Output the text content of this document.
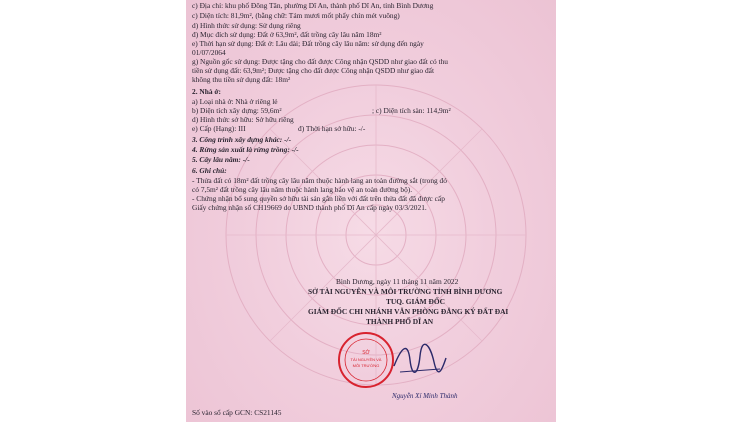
c) Địa chỉ: khu phố Đông Tân, phường Dĩ An, thành phố Dĩ An, tỉnh Bình Dương
c) Diện tích: 81,9m², (bằng chữ: Tám mươi mốt phẩy chín mét vuông)
d) Hình thức sử dụng: Sử dụng riêng
đ) Mục đích sử dụng: Đất ở 63,9m², đất trồng cây lâu năm 18m²
e) Thời hạn sử dụng: Đất ở: Lâu dài; Đất trồng cây lâu năm: sử dụng đến ngày
01/07/2064
g) Nguồn gốc sử dụng: Được tặng cho đất được Công nhận QSDD như giao đất có thu
tiền sử dụng đất: 63,9m²; Được tặng cho đất được Công nhận QSDD như giao đất
không thu tiền sử dụng đất: 18m²
2. Nhà ở:
a) Loại nhà ở: Nhà ở riêng lẻ
b) Diện tích xây dựng: 59,6m²	; c) Diện tích sàn: 114,9m²
d) Hình thức sở hữu: Sở hữu riêng
e) Cấp (Hạng): III	đ) Thời hạn sở hữu: -/-
3. Công trình xây dựng khác: -/-
4. Rừng sản xuất là rừng trồng: -/-
5. Cây lâu năm: -/-
6. Ghi chú:
- Thửa đất có 18m² đất trồng cây lâu năm thuộc hành lang an toàn đường sắt (trong đó
có 7,5m² đất trồng cây lâu năm thuộc hành lang bảo vệ an toàn đường bộ).
- Chứng nhận bổ sung quyền sở hữu tài sản gắn liền với đất trên thửa đất đã được cấp
Giấy chứng nhận số CH19669 do UBND thành phố Dĩ An cấp ngày 03/3/2021.
Bình Dương, ngày 11 tháng 11 năm 2022
SỞ TÀI NGUYÊN VÀ MÔI TRƯỜNG TỈNH BÌNH DƯƠNG
TUQ. GIÁM ĐỐC
GIÁM ĐỐC CHI NHÁNH VĂN PHÒNG ĐĂNG KÝ ĐẤT ĐAI
THÀNH PHỐ DĨ AN
SỞ
TÀI NGUYÊN VÀ
MÔI TRƯỜNG
Nguyễn Xí Minh Thành
Số vào sổ cấp GCN: CS21145
